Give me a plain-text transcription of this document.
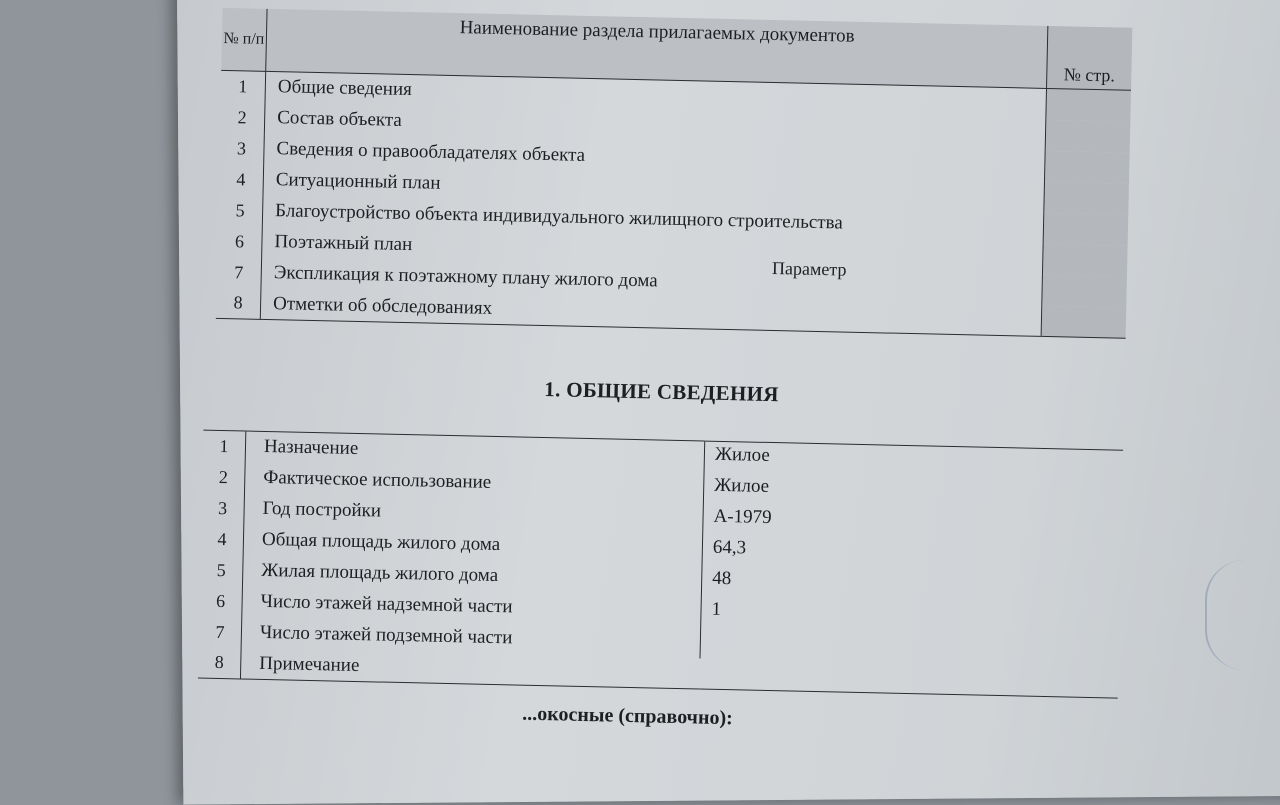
№ п/п	Наименование раздела прилагаемых документов	№ стр.
1	Общие сведения	
2	Состав объекта	
3	Сведения о правообладателях объекта	
4	Ситуационный план	
5	Благоустройство объекта индивидуального жилищного строительства	
6	Поэтажный план	
7	Экспликация к поэтажному плану жилого дома	
8	Отметки об обследованиях	
Параметр
1. ОБЩИЕ СВЕДЕНИЯ
1	Назначение	Жилое
2	Фактическое использование	Жилое
3	Год постройки	А-1979
4	Общая площадь жилого дома	64,3
5	Жилая площадь жилого дома	48
6	Число этажей надземной части	1
7	Число этажей подземной части	
8	Примечание	
...окосные (справочно):
